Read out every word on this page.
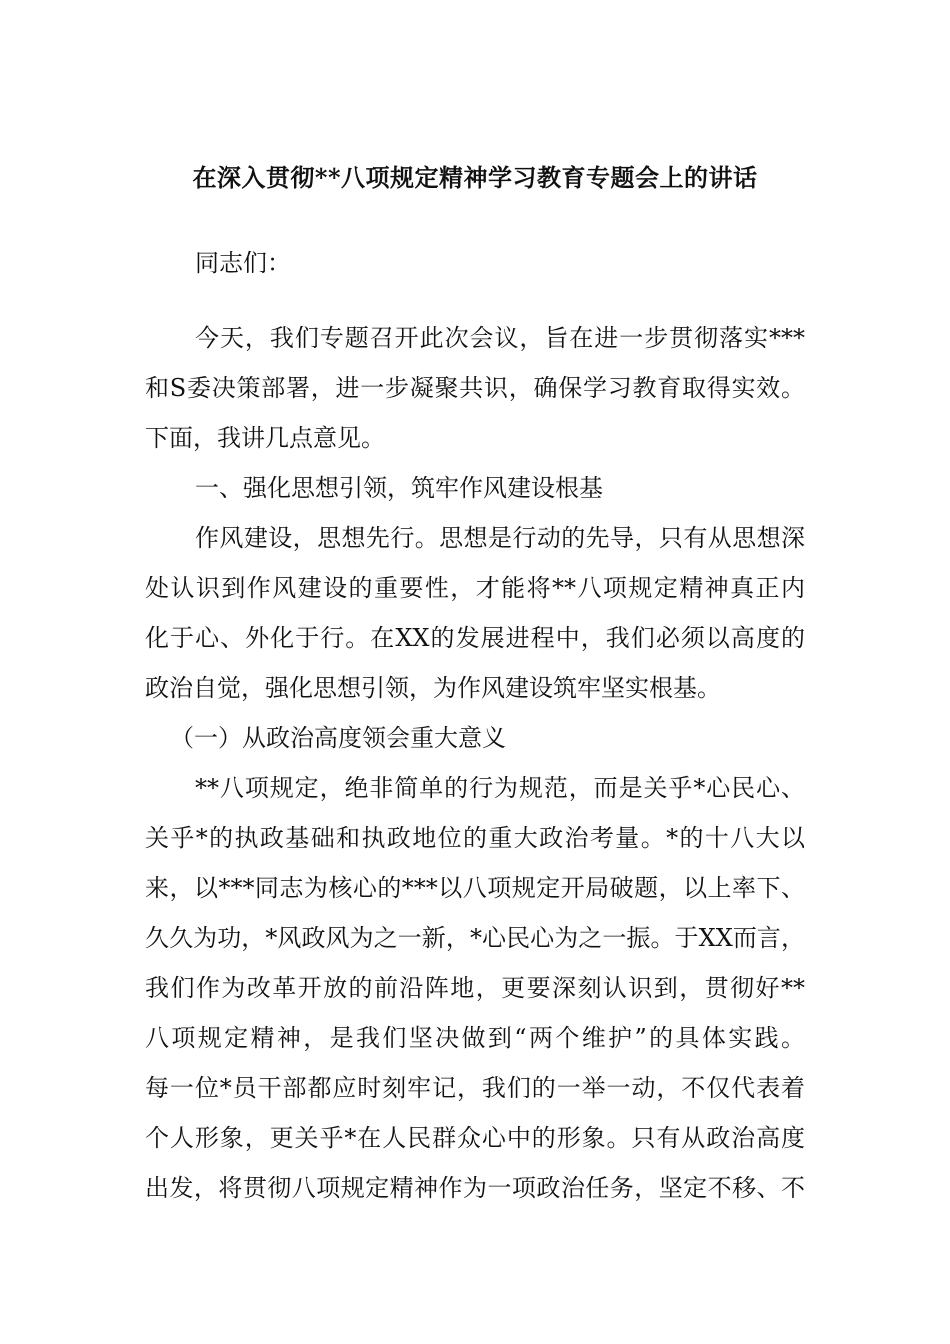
在深入贯彻**八项规定精神学习教育专题会上的讲话
同志们：
今天，我们专题召开此次会议，旨在进一步贯彻落实***
和S委决策部署，进一步凝聚共识，确保学习教育取得实效。
下面，我讲几点意见。
一、强化思想引领，筑牢作风建设根基
作风建设，思想先行。思想是行动的先导，只有从思想深
处认识到作风建设的重要性，才能将**八项规定精神真正内
化于心、外化于行。在XX的发展进程中，我们必须以高度的
政治自觉，强化思想引领，为作风建设筑牢坚实根基。
（一）从政治高度领会重大意义
**八项规定，绝非简单的行为规范，而是关乎*心民心、
关乎*的执政基础和执政地位的重大政治考量。*的十八大以
来，以***同志为核心的***以八项规定开局破题，以上率下、
久久为功，*风政风为之一新，*心民心为之一振。于XX而言，
我们作为改革开放的前沿阵地，更要深刻认识到，贯彻好**
八项规定精神，是我们坚决做到“两个维护”的具体实践。
每一位*员干部都应时刻牢记，我们的一举一动，不仅代表着
个人形象，更关乎*在人民群众心中的形象。只有从政治高度
出发，将贯彻八项规定精神作为一项政治任务，坚定不移、不
